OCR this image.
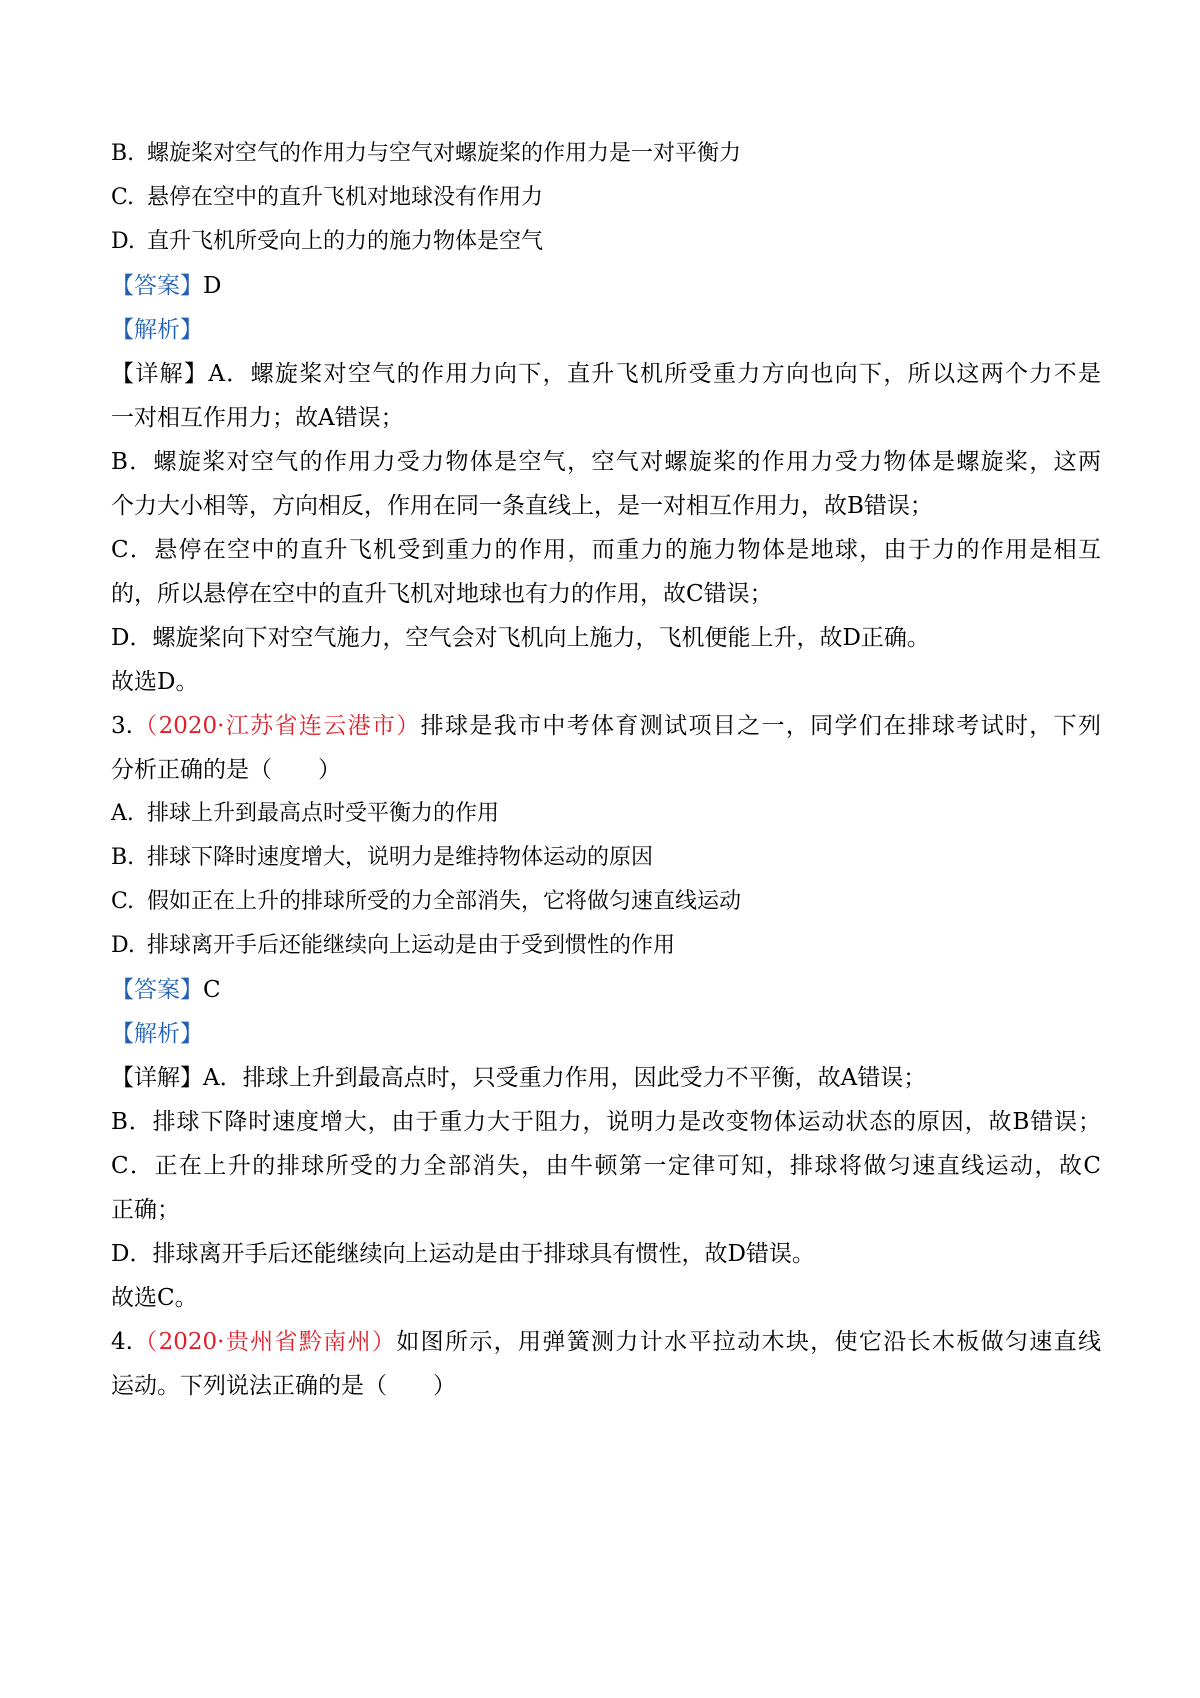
B. 螺旋桨对空气的作用力与空气对螺旋桨的作用力是一对平衡力
C. 悬停在空中的直升飞机对地球没有作用力
D. 直升飞机所受向上的力的施力物体是空气
【答案】D
【解析】
【详解】A．螺旋桨对空气的作用力向下，直升飞机所受重力方向也向下，所以这两个力不是
一对相互作用力；故A错误；
B．螺旋桨对空气的作用力受力物体是空气，空气对螺旋桨的作用力受力物体是螺旋桨，这两
个力大小相等，方向相反，作用在同一条直线上，是一对相互作用力，故B错误；
C．悬停在空中的直升飞机受到重力的作用，而重力的施力物体是地球，由于力的作用是相互
的，所以悬停在空中的直升飞机对地球也有力的作用，故C错误；
D．螺旋桨向下对空气施力，空气会对飞机向上施力，飞机便能上升，故D正确。
故选D。
3.（2020·江苏省连云港市）排球是我市中考体育测试项目之一，同学们在排球考试时，下列
分析正确的是（　　）
A. 排球上升到最高点时受平衡力的作用
B. 排球下降时速度增大，说明力是维持物体运动的原因
C. 假如正在上升的排球所受的力全部消失，它将做匀速直线运动
D. 排球离开手后还能继续向上运动是由于受到惯性的作用
【答案】C
【解析】
【详解】A．排球上升到最高点时，只受重力作用，因此受力不平衡，故A错误；
B．排球下降时速度增大，由于重力大于阻力，说明力是改变物体运动状态的原因，故B错误；
C．正在上升的排球所受的力全部消失，由牛顿第一定律可知，排球将做匀速直线运动，故C
正确；
D．排球离开手后还能继续向上运动是由于排球具有惯性，故D错误。
故选C。
4.（2020·贵州省黔南州）如图所示，用弹簧测力计水平拉动木块，使它沿长木板做匀速直线
运动。下列说法正确的是（　　）
